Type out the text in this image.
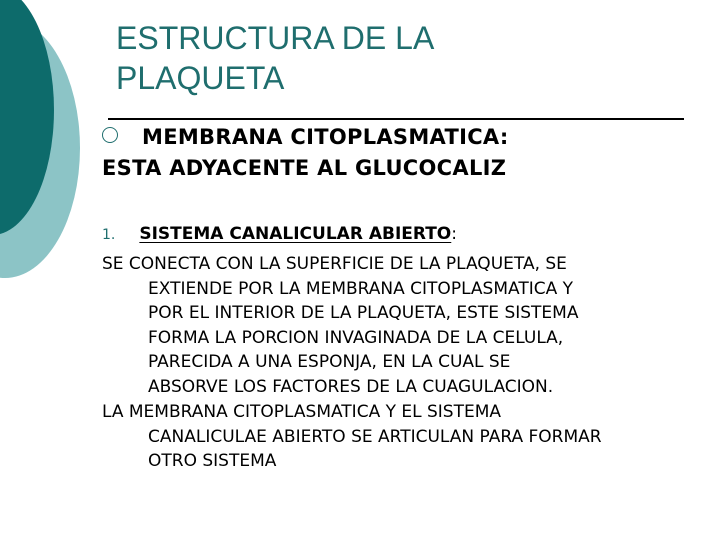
ESTRUCTURA DE LA
PLAQUETA
MEMBRANA CITOPLASMATICA:
ESTA ADYACENTE AL GLUCOCALIZ
1. SISTEMA CANALICULAR ABIERTO:
SE CONECTA CON LA SUPERFICIE DE LA PLAQUETA, SE
EXTIENDE POR LA MEMBRANA CITOPLASMATICA Y
POR EL INTERIOR DE LA PLAQUETA, ESTE SISTEMA
FORMA LA PORCION INVAGINADA DE LA CELULA,
PARECIDA A UNA ESPONJA, EN LA CUAL SE
ABSORVE LOS FACTORES DE LA CUAGULACION.
LA MEMBRANA CITOPLASMATICA Y EL SISTEMA
CANALICULAE ABIERTO SE ARTICULAN PARA FORMAR
OTRO SISTEMA
